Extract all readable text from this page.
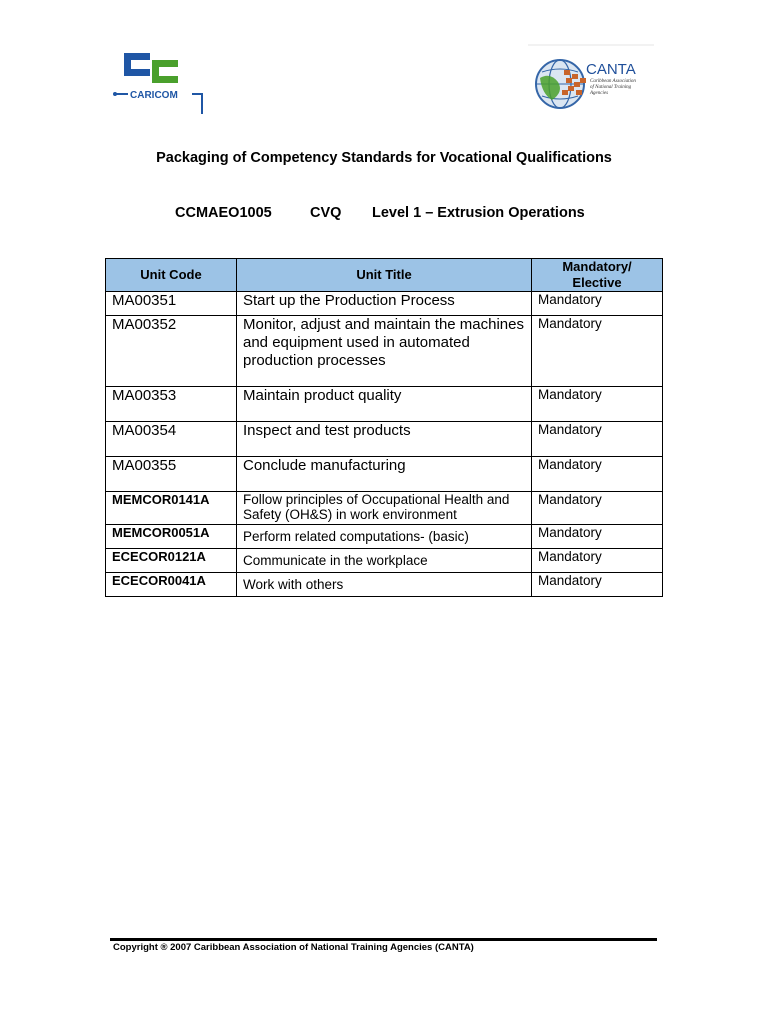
CARICOM
CANTA
Caribbean Association
of National Training
Agencies
Packaging of Competency Standards for Vocational Qualifications
CCMAEO1005	CVQ Level 1 – Extrusion Operations
Unit Code	Unit Title	Mandatory/ Elective
MA00351	Start up the Production Process	Mandatory
MA00352	Monitor, adjust and maintain the machines and equipment used in automated production processes	Mandatory
MA00353	Maintain product quality	Mandatory
MA00354	Inspect and test products	Mandatory
MA00355	Conclude manufacturing	Mandatory
MEMCOR0141A	Follow principles of Occupational Health and Safety (OH&S) in work environment	Mandatory
MEMCOR0051A	Perform related computations- (basic)	Mandatory
ECECOR0121A	Communicate in the workplace	Mandatory
ECECOR0041A	Work with others	Mandatory
Copyright ® 2007 Caribbean Association of National Training Agencies (CANTA)
